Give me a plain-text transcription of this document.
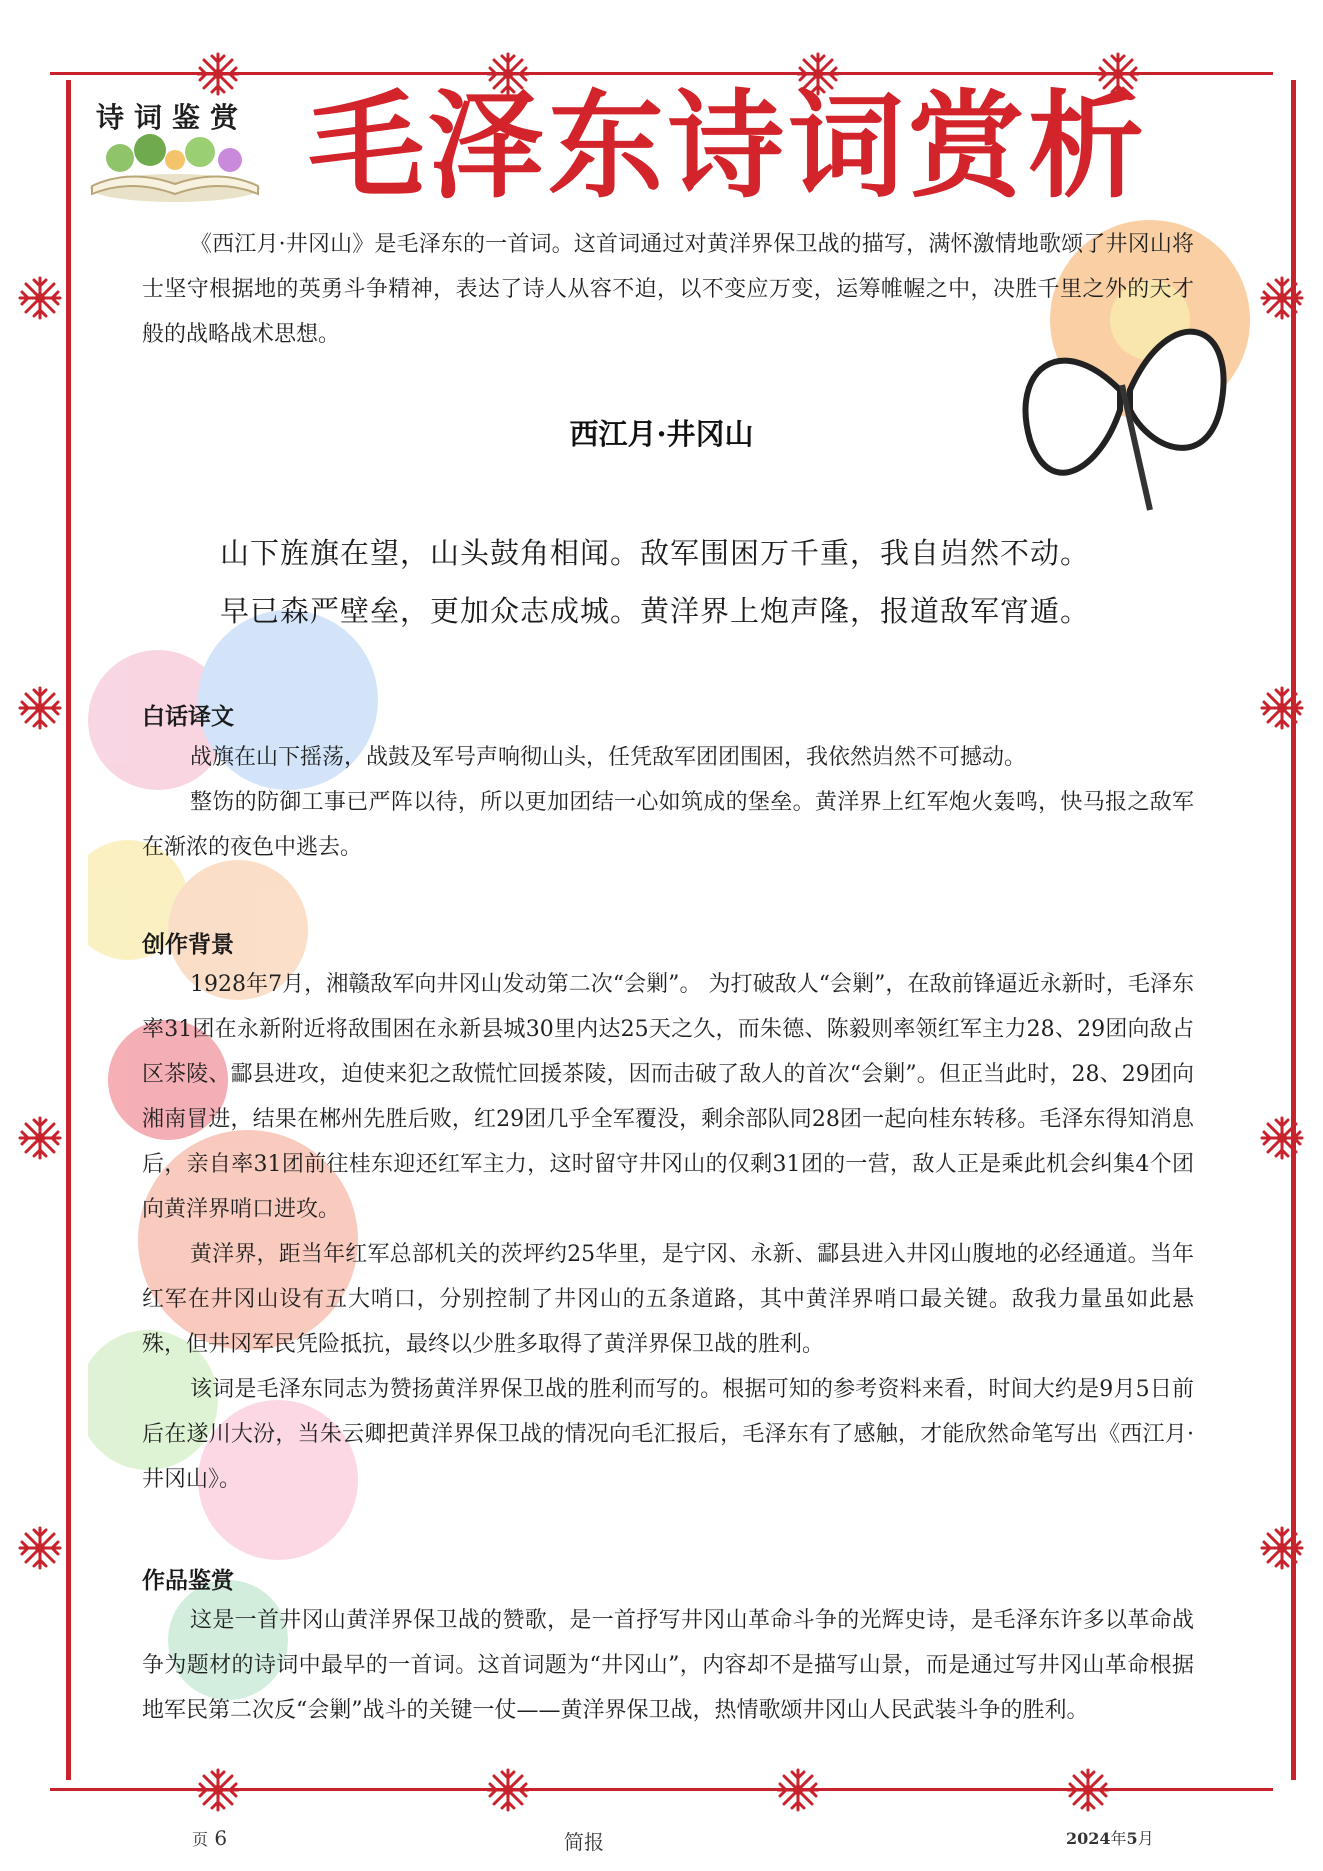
诗词鉴赏 毛泽东诗词赏析

《西江月·井冈山》是毛泽东的一首词。这首词通过对黄洋界保卫战的描写，满怀激情地歌颂了井冈山将士坚守根据地的英勇斗争精神，表达了诗人从容不迫，以不变应万变，运筹帷幄之中，决胜千里之外的天才般的战略战术思想。

西江月·井冈山
山下旌旗在望，山头鼓角相闻。敌军围困万千重，我自岿然不动。
早已森严壁垒，更加众志成城。黄洋界上炮声隆，报道敌军宵遁。
白话译文

战旗在山下摇荡，战鼓及军号声响彻山头，任凭敌军团团围困，我依然岿然不可撼动。

整饬的防御工事已严阵以待，所以更加团结一心如筑成的堡垒。黄洋界上红军炮火轰鸣，快马报之敌军在渐浓的夜色中逃去。

创作背景

1928年7月，湘赣敌军向井冈山发动第二次“会剿”。 为打破敌人“会剿”，在敌前锋逼近永新时，毛泽东率31团在永新附近将敌围困在永新县城30里内达25天之久，而朱德、陈毅则率领红军主力28、29团向敌占区茶陵、酃县进攻，迫使来犯之敌慌忙回援茶陵，因而击破了敌人的首次“会剿”。但正当此时，28、29团向湘南冒进，结果在郴州先胜后败，红29团几乎全军覆没，剩余部队同28团一起向桂东转移。毛泽东得知消息后，亲自率31团前往桂东迎还红军主力，这时留守井冈山的仅剩31团的一营，敌人正是乘此机会纠集4个团向黄洋界哨口进攻。

黄洋界，距当年红军总部机关的茨坪约25华里，是宁冈、永新、酃县进入井冈山腹地的必经通道。当年红军在井冈山设有五大哨口，分别控制了井冈山的五条道路，其中黄洋界哨口最关键。敌我力量虽如此悬殊，但井冈军民凭险抵抗，最终以少胜多取得了黄洋界保卫战的胜利。

该词是毛泽东同志为赞扬黄洋界保卫战的胜利而写的。根据可知的参考资料来看，时间大约是9月5日前后在遂川大汾，当朱云卿把黄洋界保卫战的情况向毛汇报后，毛泽东有了感触，才能欣然命笔写出《西江月·井冈山》。

作品鉴赏

这是一首井冈山黄洋界保卫战的赞歌，是一首抒写井冈山革命斗争的光辉史诗，是毛泽东许多以革命战争为题材的诗词中最早的一首词。这首词题为“井冈山”，内容却不是描写山景，而是通过写井冈山革命根据地军民第二次反“会剿”战斗的关键一仗——黄洋界保卫战，热情歌颂井冈山人民武装斗争的胜利。

页 6	简报	2024年5月
